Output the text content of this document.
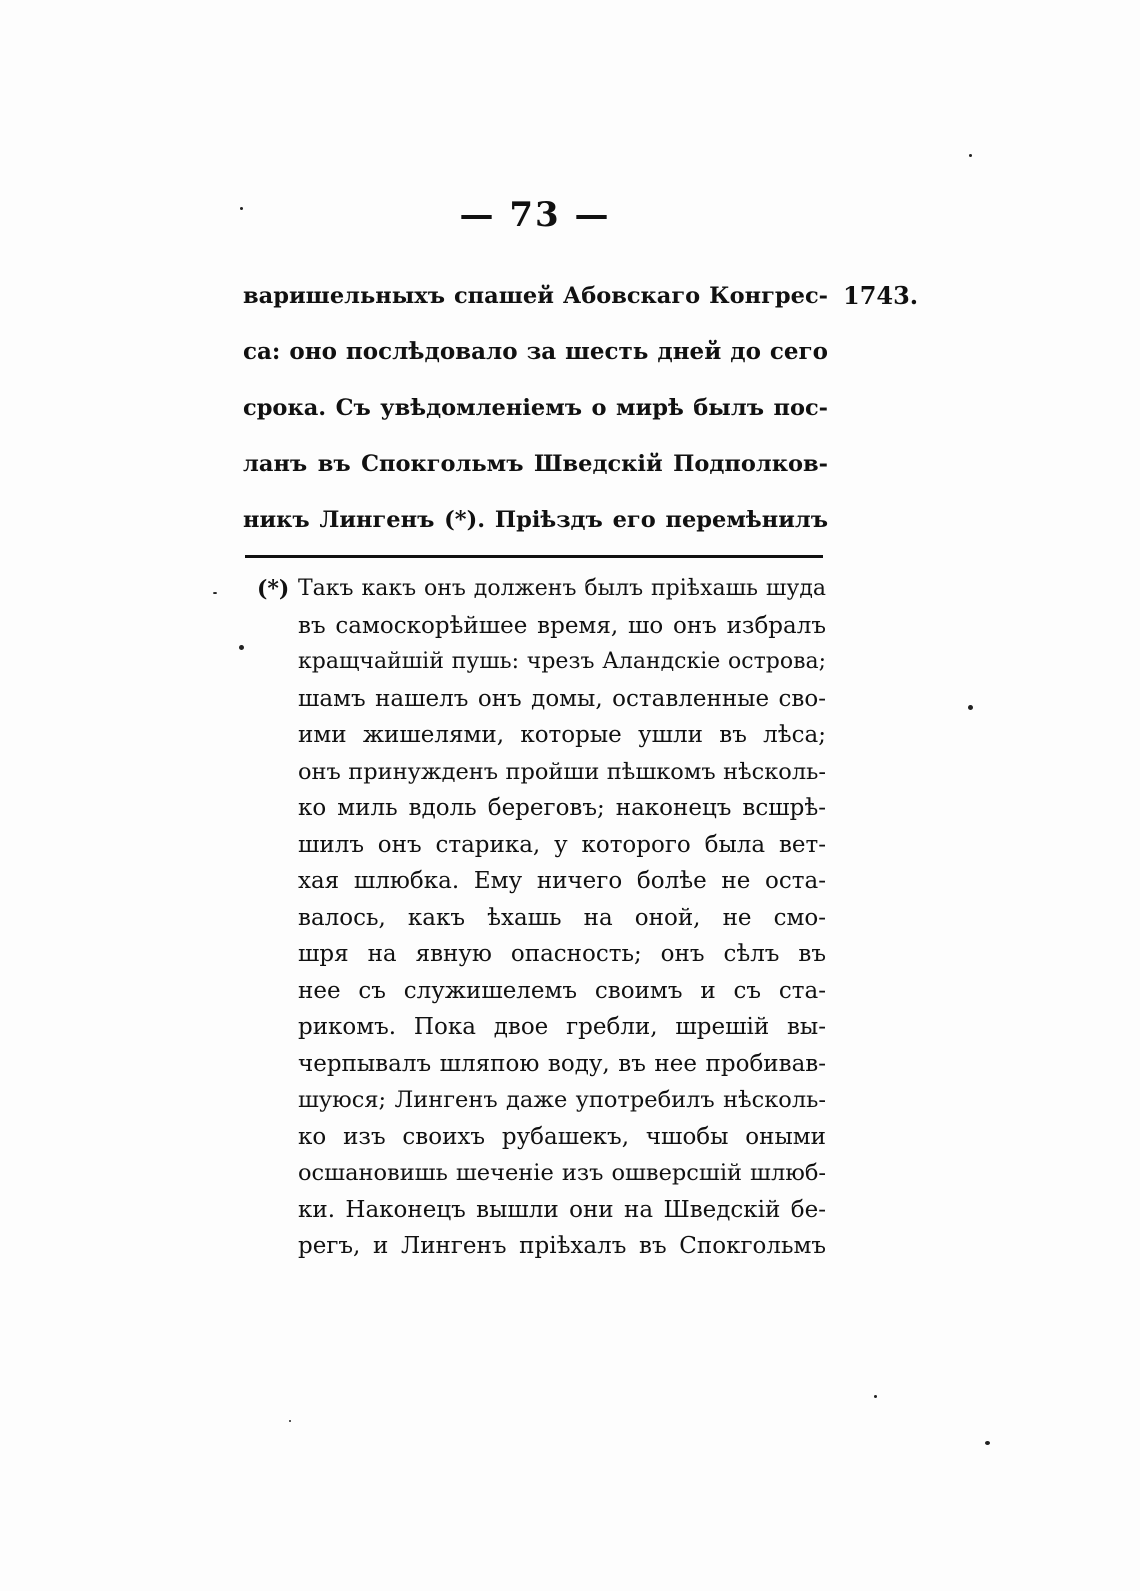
— 73 —
варишельныхъ спашей Абовскаго Конгрес-
са: оно послѣдовало за шесть дней до сего
срока. Съ увѣдомленіемъ о мирѣ былъ пос-
ланъ въ Спокгольмъ Шведскій Подполков-
никъ Лингенъ (*). Пріѣздъ его перемѣнилъ
1743.
(*) Такъ какъ онъ долженъ былъ пріѣхашь шуда
въ самоскорѣйшее время, шо онъ избралъ
кращчайшій пушь: чрезъ Аландскіе острова;
шамъ нашелъ онъ домы, оставленные сво-
ими жишелями, которые ушли въ лѣса;
онъ принужденъ пройши пѣшкомъ нѣсколь-
ко миль вдоль береговъ; наконецъ всшрѣ-
шилъ онъ старика, у которого была вет-
хая шлюбка. Ему ничего болѣе не оста-
валось, какъ ѣхашь на оной, не смо-
шря на явную опасность; онъ сѣлъ въ
нее съ служишелемъ своимъ и съ ста-
рикомъ. Пока двое гребли, шрешій вы-
черпывалъ шляпою воду, въ нее пробивав-
шуюся; Лингенъ даже употребилъ нѣсколь-
ко изъ своихъ рубашекъ, чшобы оными
осшановишь шеченіе изъ ошверсшій шлюб-
ки. Наконецъ вышли они на Шведскій бе-
регъ, и Лингенъ пріѣхалъ въ Спокгольмъ
